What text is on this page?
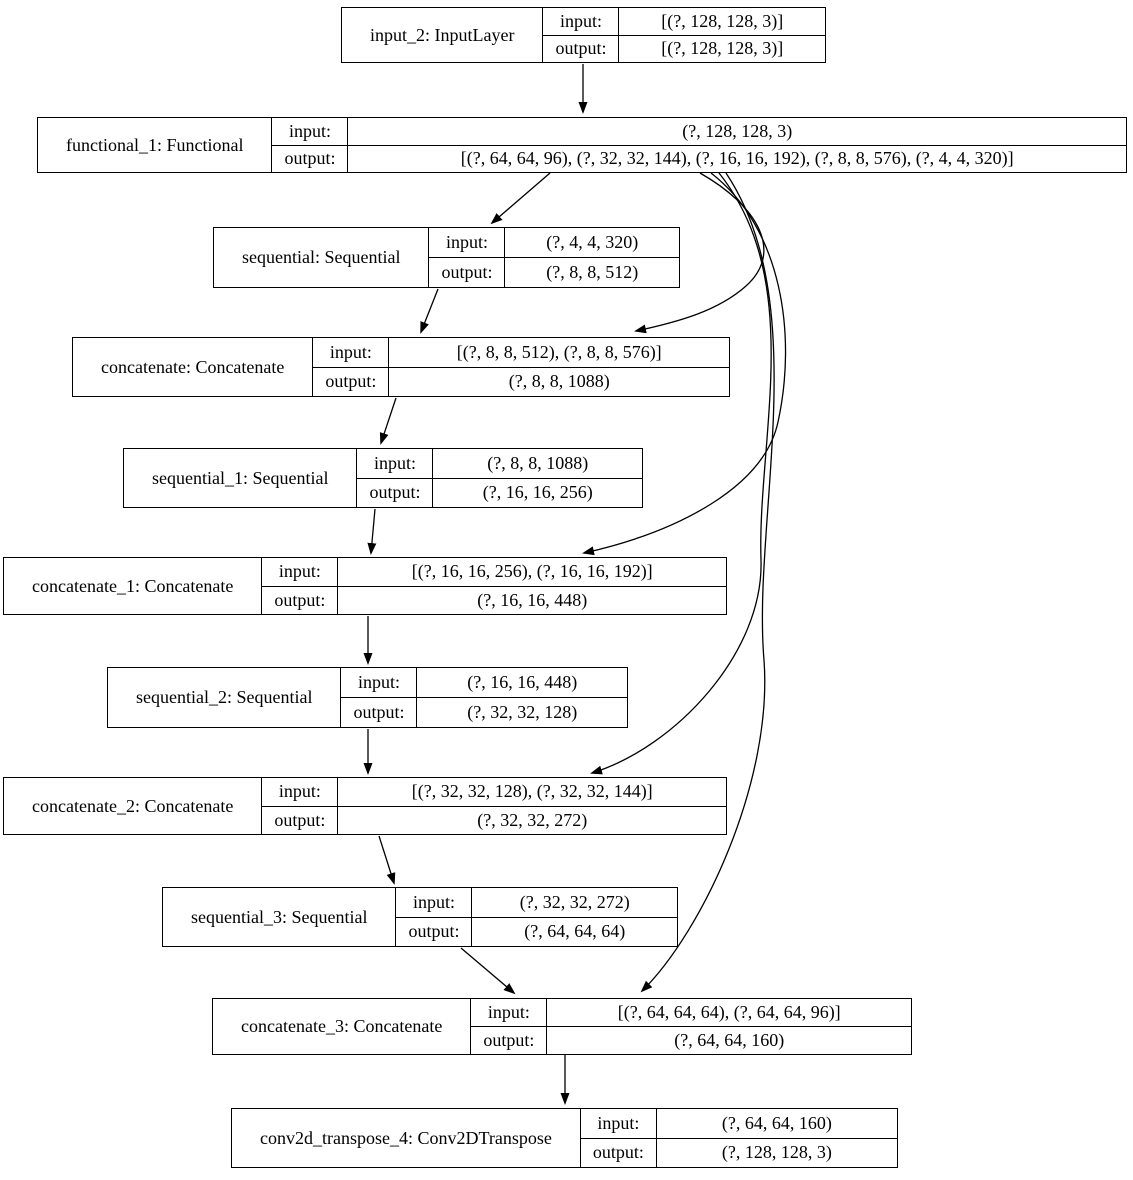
input_2: InputLayer
input:
output:
[(?, 128, 128, 3)]
[(?, 128, 128, 3)]
functional_1: Functional
input:
output:
(?, 128, 128, 3)
[(?, 64, 64, 96), (?, 32, 32, 144), (?, 16, 16, 192), (?, 8, 8, 576), (?, 4, 4, 320)]
sequential: Sequential
input:
output:
(?, 4, 4, 320)
(?, 8, 8, 512)
concatenate: Concatenate
input:
output:
[(?, 8, 8, 512), (?, 8, 8, 576)]
(?, 8, 8, 1088)
sequential_1: Sequential
input:
output:
(?, 8, 8, 1088)
(?, 16, 16, 256)
concatenate_1: Concatenate
input:
output:
[(?, 16, 16, 256), (?, 16, 16, 192)]
(?, 16, 16, 448)
sequential_2: Sequential
input:
output:
(?, 16, 16, 448)
(?, 32, 32, 128)
concatenate_2: Concatenate
input:
output:
[(?, 32, 32, 128), (?, 32, 32, 144)]
(?, 32, 32, 272)
sequential_3: Sequential
input:
output:
(?, 32, 32, 272)
(?, 64, 64, 64)
concatenate_3: Concatenate
input:
output:
[(?, 64, 64, 64), (?, 64, 64, 96)]
(?, 64, 64, 160)
conv2d_transpose_4: Conv2DTranspose
input:
output:
(?, 64, 64, 160)
(?, 128, 128, 3)
